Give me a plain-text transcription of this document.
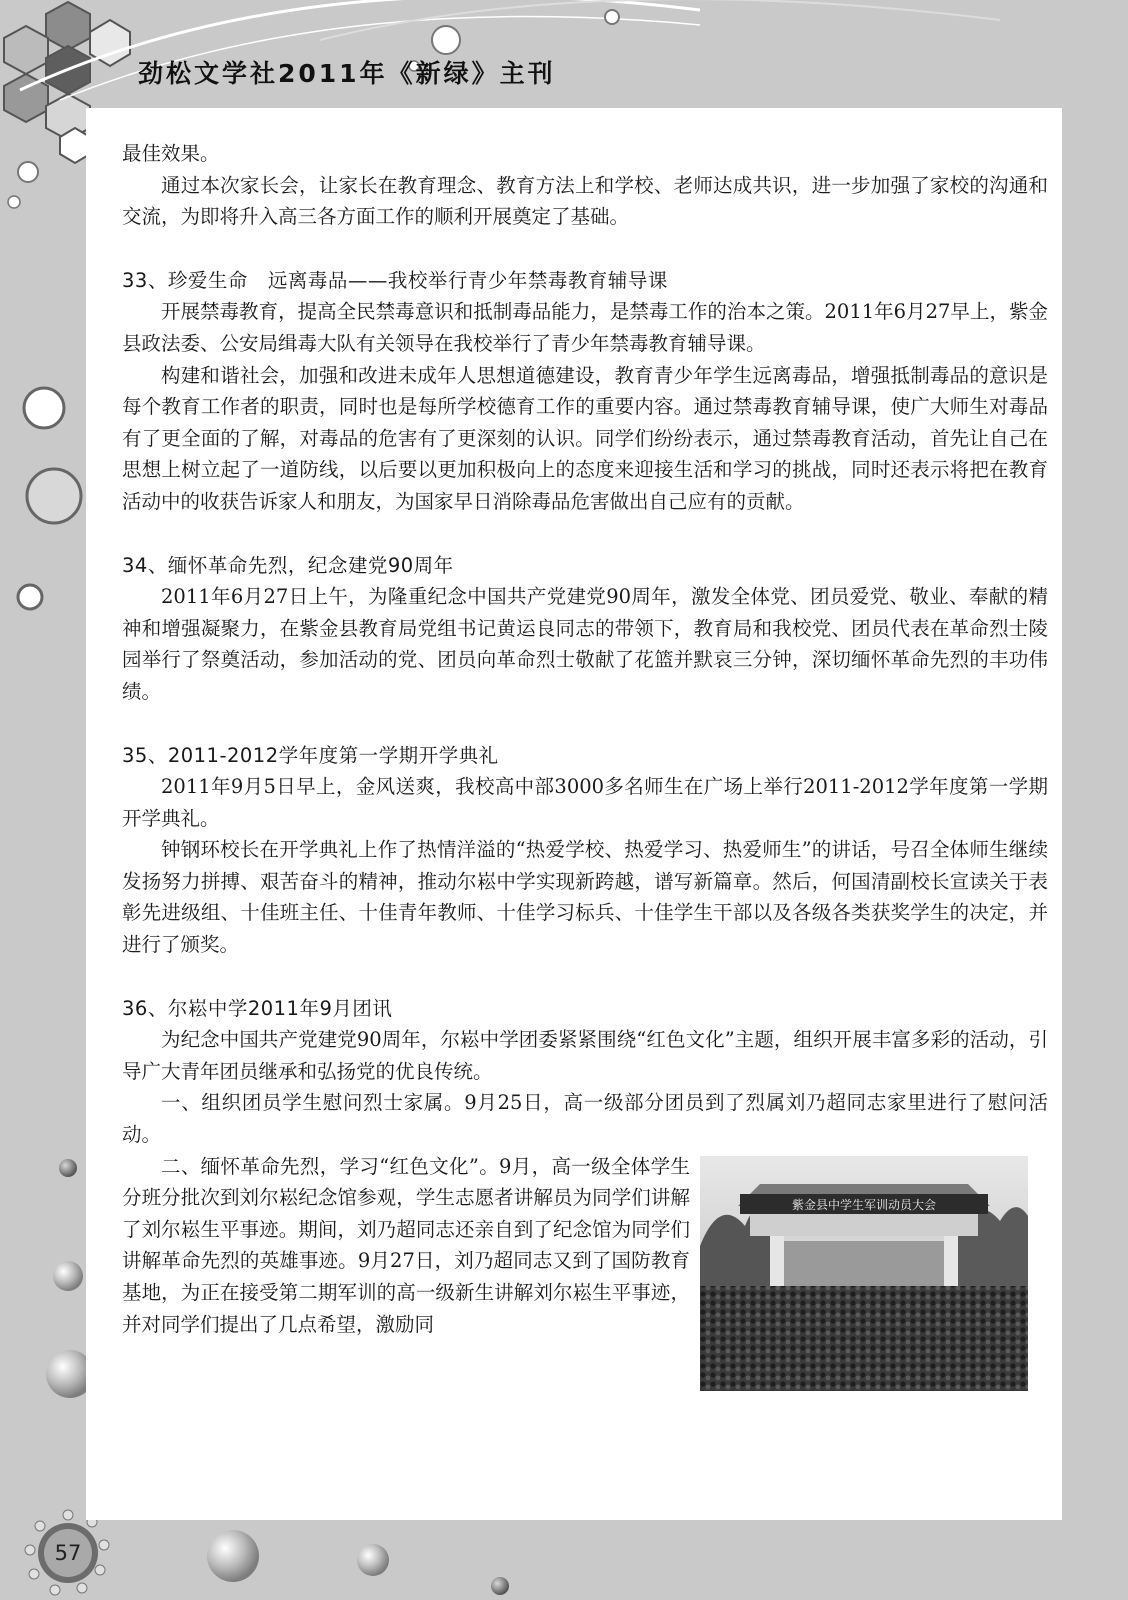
劲松文学社2011年《新绿》主刊

最佳效果。

通过本次家长会，让家长在教育理念、教育方法上和学校、老师达成共识，进一步加强了家校的沟通和交流，为即将升入高三各方面工作的顺利开展奠定了基础。

33、珍爱生命　远离毒品——我校举行青少年禁毒教育辅导课

开展禁毒教育，提高全民禁毒意识和抵制毒品能力，是禁毒工作的治本之策。2011年6月27早上，紫金县政法委、公安局缉毒大队有关领导在我校举行了青少年禁毒教育辅导课。

构建和谐社会，加强和改进未成年人思想道德建设，教育青少年学生远离毒品，增强抵制毒品的意识是每个教育工作者的职责，同时也是每所学校德育工作的重要内容。通过禁毒教育辅导课，使广大师生对毒品有了更全面的了解，对毒品的危害有了更深刻的认识。同学们纷纷表示，通过禁毒教育活动，首先让自己在思想上树立起了一道防线，以后要以更加积极向上的态度来迎接生活和学习的挑战，同时还表示将把在教育活动中的收获告诉家人和朋友，为国家早日消除毒品危害做出自己应有的贡献。

34、缅怀革命先烈，纪念建党90周年

2011年6月27日上午，为隆重纪念中国共产党建党90周年，激发全体党、团员爱党、敬业、奉献的精神和增强凝聚力，在紫金县教育局党组书记黄运良同志的带领下，教育局和我校党、团员代表在革命烈士陵园举行了祭奠活动，参加活动的党、团员向革命烈士敬献了花篮并默哀三分钟，深切缅怀革命先烈的丰功伟绩。

35、2011-2012学年度第一学期开学典礼

2011年9月5日早上，金风送爽，我校高中部3000多名师生在广场上举行2011-2012学年度第一学期开学典礼。

钟钢环校长在开学典礼上作了热情洋溢的“热爱学校、热爱学习、热爱师生”的讲话，号召全体师生继续发扬努力拼搏、艰苦奋斗的精神，推动尔崧中学实现新跨越，谱写新篇章。然后，何国清副校长宣读关于表彰先进级组、十佳班主任、十佳青年教师、十佳学习标兵、十佳学生干部以及各级各类获奖学生的决定，并进行了颁奖。

36、尔崧中学2011年9月团讯

为纪念中国共产党建党90周年，尔崧中学团委紧紧围绕“红色文化”主题，组织开展丰富多彩的活动，引导广大青年团员继承和弘扬党的优良传统。

一、组织团员学生慰问烈士家属。9月25日，高一级部分团员到了烈属刘乃超同志家里进行了慰问活动。

二、缅怀革命先烈，学习“红色文化”。9月，高一级全体学生分班分批次到刘尔崧纪念馆参观，学生志愿者讲解员为同学们讲解了刘尔崧生平事迹。期间，刘乃超同志还亲自到了纪念馆为同学们讲解革命先烈的英雄事迹。9月27日，刘乃超同志又到了国防教育基地，为正在接受第二期军训的高一级新生讲解刘尔崧生平事迹，并对同学们提出了几点希望，激励同

紫金县中学生军训动员大会
57
